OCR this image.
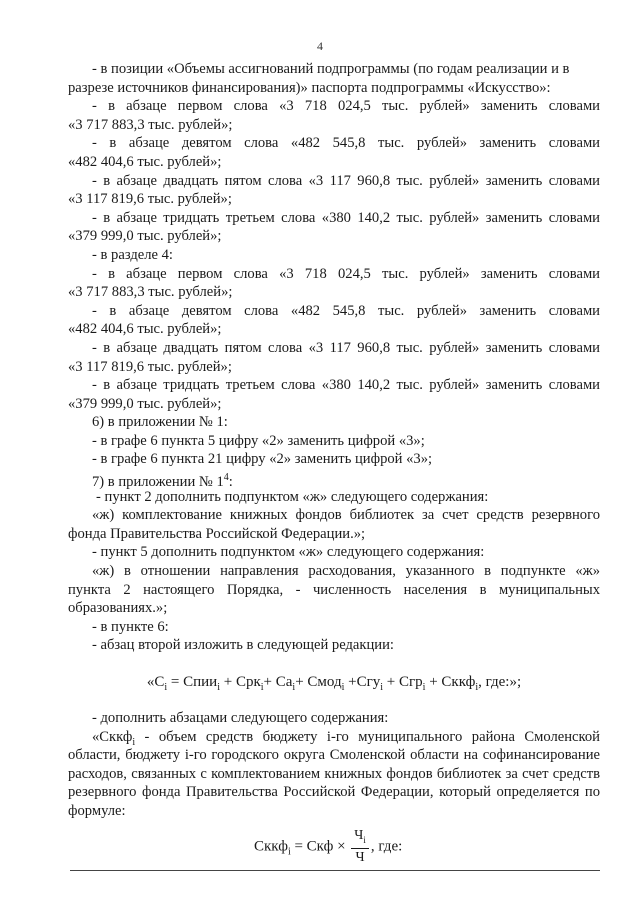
4
- в позиции «Объемы ассигнований подпрограммы (по годам реализации и в
разрезе источников финансирования)» паспорта подпрограммы «Искусство»:
- в абзаце первом слова «3 718 024,5 тыс. рублей» заменить словами
«3 717 883,3 тыс. рублей»;
- в абзаце девятом слова «482 545,8 тыс. рублей» заменить словами
«482 404,6 тыс. рублей»;
- в абзаце двадцать пятом слова «3 117 960,8 тыс. рублей» заменить словами
«3 117 819,6 тыс. рублей»;
- в абзаце тридцать третьем слова «380 140,2 тыс. рублей» заменить словами
«379 999,0 тыс. рублей»;
- в разделе 4:
- в абзаце первом слова «3 718 024,5 тыс. рублей» заменить словами
«3 717 883,3 тыс. рублей»;
- в абзаце девятом слова «482 545,8 тыс. рублей» заменить словами
«482 404,6 тыс. рублей»;
- в абзаце двадцать пятом слова «3 117 960,8 тыс. рублей» заменить словами
«3 117 819,6 тыс. рублей»;
- в абзаце тридцать третьем слова «380 140,2 тыс. рублей» заменить словами
«379 999,0 тыс. рублей»;
6) в приложении № 1:
- в графе 6 пункта 5 цифру «2» заменить цифрой «3»;
- в графе 6 пункта 21 цифру «2» заменить цифрой «3»;
7) в приложении № $1^4$:
- пункт 2 дополнить подпунктом «ж» следующего содержания:
«ж) комплектование книжных фондов библиотек за счет средств резервного
фонда Правительства Российской Федерации.»;
- пункт 5 дополнить подпунктом «ж» следующего содержания:
«ж) в отношении направления расходования, указанного в подпункте «ж»
пункта 2 настоящего Порядка, - численность населения в муниципальных
образованиях.»;
- в пункте 6:
- абзац второй изложить в следующей редакции:
«$C_i$ = Спии$_i$ + $Срк_i+ Са_i+$ Смод$_i$ +Сгу$_i$ + Сгр$_i$ + Сккф$_i$, где:»;
- дополнить абзацами следующего содержания:
«Сккф$_i$ - объем средств бюджету i-го муниципального района Смоленской
области, бюджету i-го городского округа Смоленской области на софинансирование
расходов, связанных с комплектованием книжных фондов библиотек за счет средств
резервного фонда Правительства Российской Федерации, который определяется по
формуле:
Сккф$_i$ = Скф × $\frac{Ч_i}{Ч}$ , где:
